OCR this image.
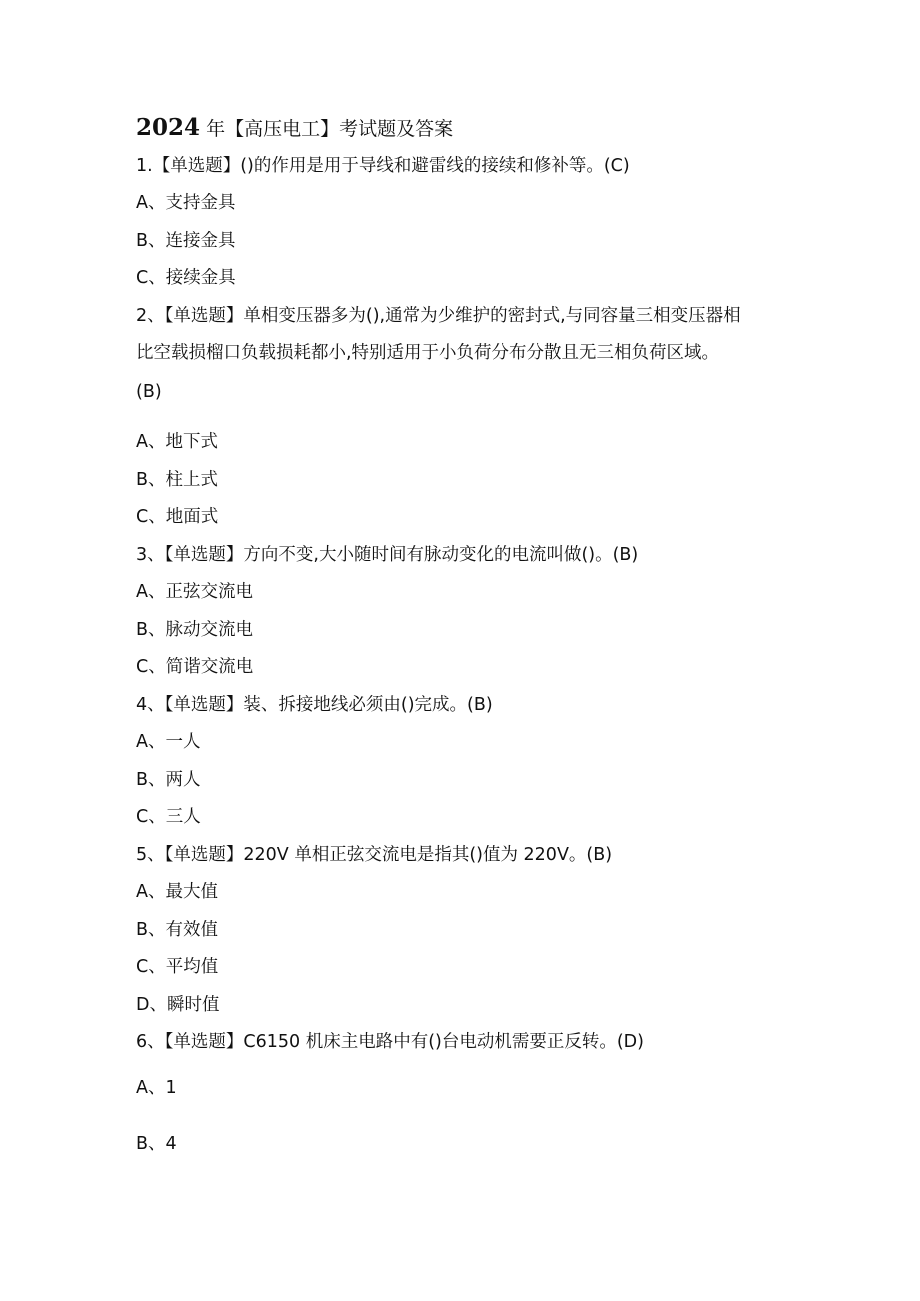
2024 年【高压电工】考试题及答案
1.【单选题】()的作用是用于导线和避雷线的接续和修补等。(C)
A、支持金具
B、连接金具
C、接续金具
2、【单选题】单相变压器多为(),通常为少维护的密封式,与同容量三相变压器相
比空载损榴口负载损耗都小,特别适用于小负荷分布分散且无三相负荷区域。
(B)
A、地下式
B、柱上式
C、地面式
3、【单选题】方向不变,大小随时间有脉动变化的电流叫做()。(B)
A、正弦交流电
B、脉动交流电
C、简谐交流电
4、【单选题】装、拆接地线必须由()完成。(B)
A、一人
B、两人
C、三人
5、【单选题】220V 单相正弦交流电是指其()值为 220V。(B)
A、最大值
B、有效值
C、平均值
D、瞬时值
6、【单选题】C6150 机床主电路中有()台电动机需要正反转。(D)
A、1
B、4
